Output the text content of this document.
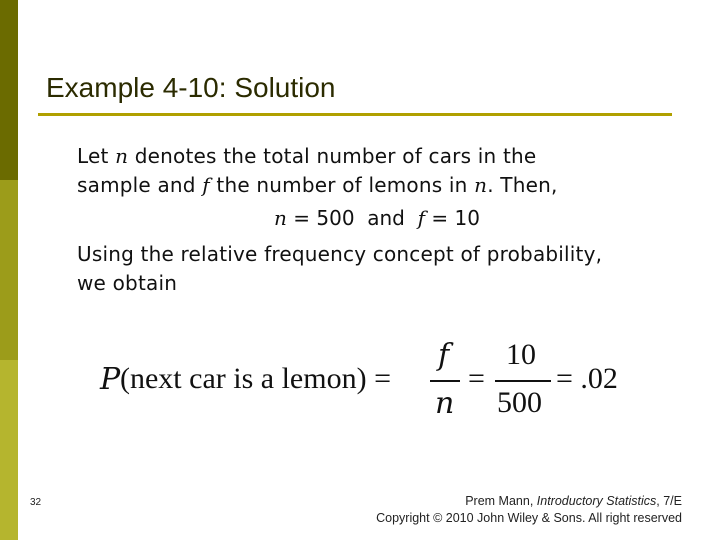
Example 4-10: Solution
Let n denotes the total number of cars in the
sample and f the number of lemons in n. Then,
n = 500  and  f = 10
Using the relative frequency concept of probability,
we obtain
P (next car is a lemon) =
f
n
=
10
500
= .02
32	Prem Mann, Introductory Statistics, 7/E
Copyright © 2010 John Wiley & Sons. All right reserved
